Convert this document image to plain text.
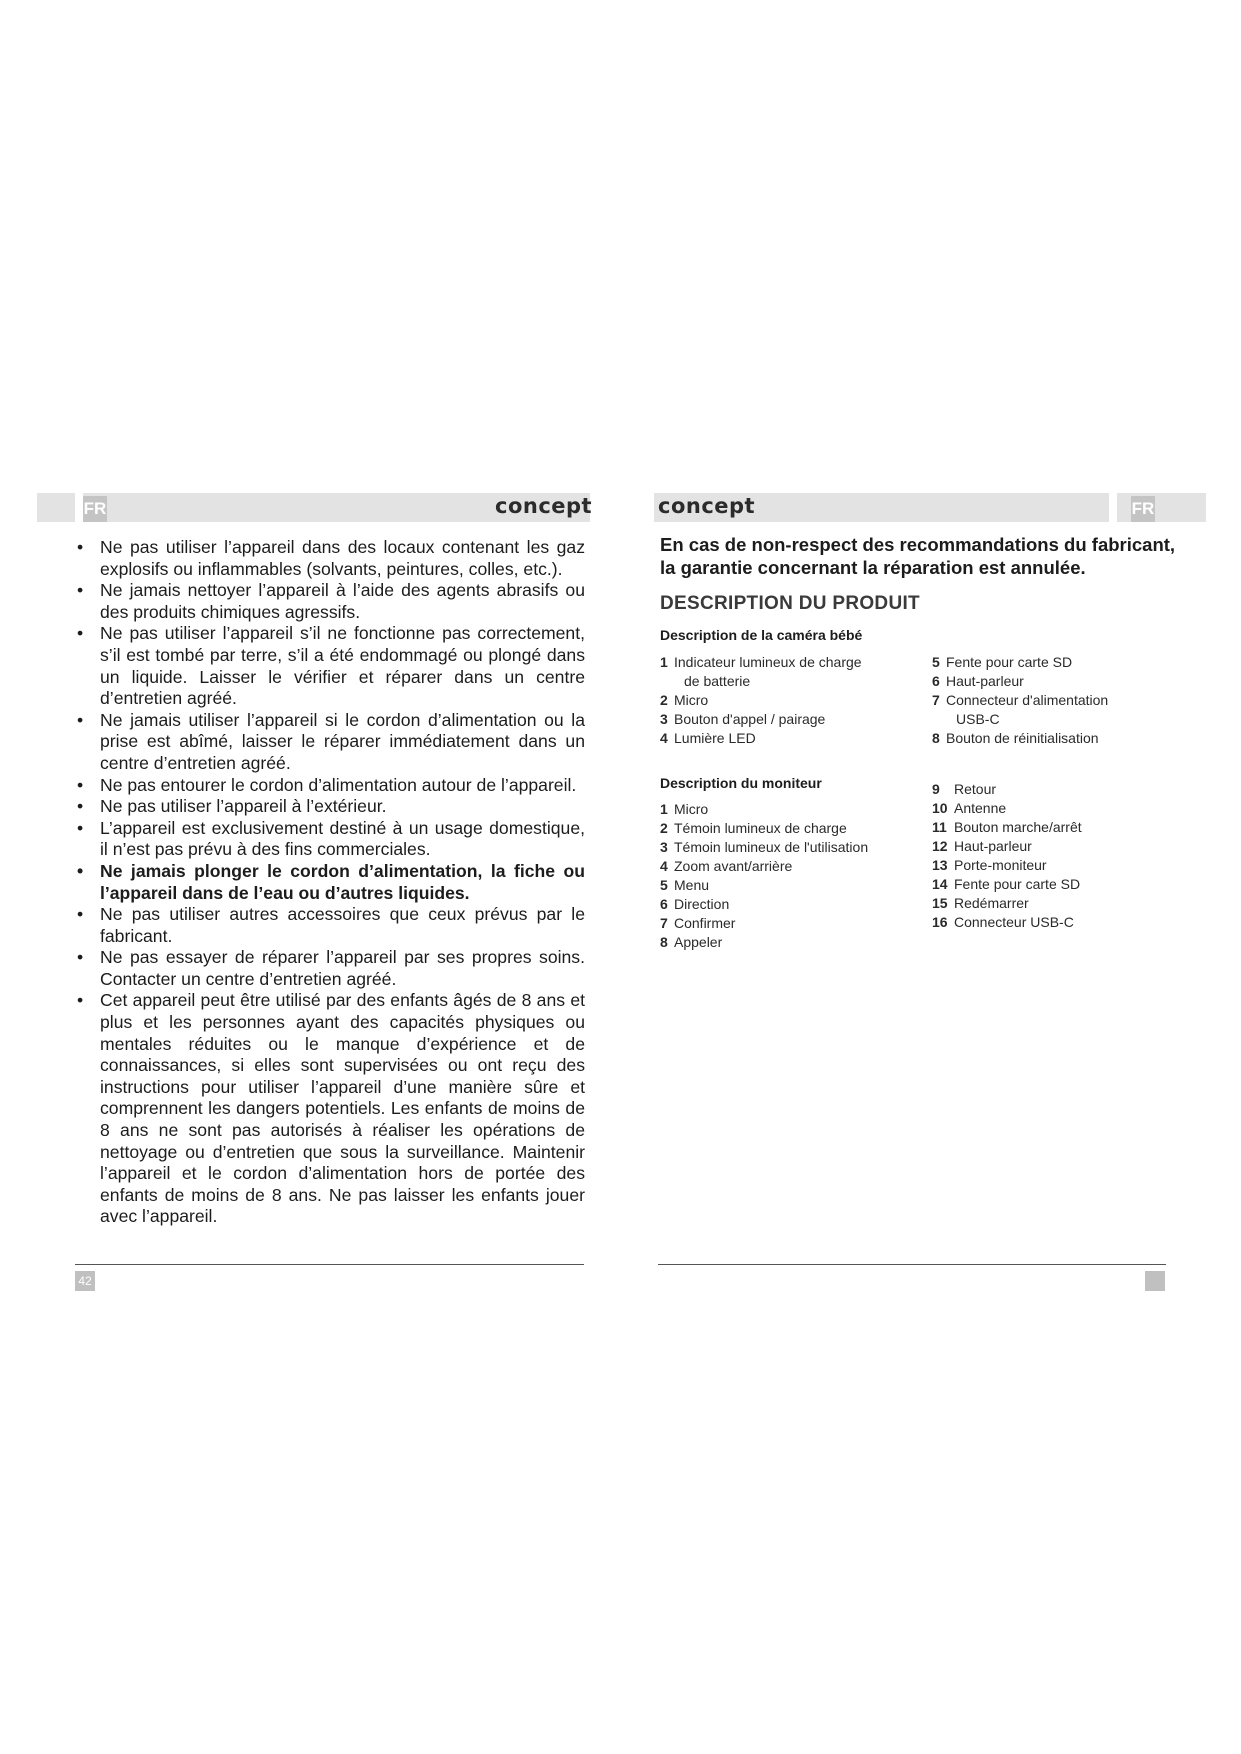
FR	FR
concept	concept
• Ne pas utiliser l’appareil dans des locaux contenant les gaz explosifs ou inflammables (solvants, peintures, colles, etc.).
• Ne jamais nettoyer l’appareil à l’aide des agents abrasifs ou des produits chimiques agressifs.
• Ne pas utiliser l’appareil s’il ne fonctionne pas correctement, s’il est tombé par terre, s’il a été endommagé ou plongé dans un liquide. Laisser le vérifier et réparer dans un centre d’entretien agréé.
• Ne jamais utiliser l’appareil si le cordon d’alimentation ou la prise est abîmé, laisser le réparer immédiatement dans un centre d’entretien agréé.
• Ne pas entourer le cordon d’alimentation autour de l’appareil.
• Ne pas utiliser l’appareil à l’extérieur.
• L’appareil est exclusivement destiné à un usage domestique, il n’est pas prévu à des fins commerciales.
• Ne jamais plonger le cordon d’alimentation, la fiche ou l’appareil dans de l’eau ou d’autres liquides.
• Ne pas utiliser autres accessoires que ceux prévus par le fabricant.
• Ne pas essayer de réparer l’appareil par ses propres soins. Contacter un centre d’entretien agréé.
• Cet appareil peut être utilisé par des enfants âgés de 8 ans et plus et les personnes ayant des capacités physiques ou mentales réduites ou le manque d’expérience et de connaissances, si elles sont supervisées ou ont reçu des instructions pour utiliser l’appareil d’une manière sûre et comprennent les dangers potentiels. Les enfants de moins de 8 ans ne sont pas autorisés à réaliser les opérations de nettoyage ou d’entretien que sous la surveillance. Maintenir l’appareil et le cordon d’alimentation hors de portée des enfants de moins de 8 ans. Ne pas laisser les enfants jouer avec l’appareil.

En cas de non-respect des recommandations du fabricant, la garantie concernant la réparation est annulée.

DESCRIPTION DU PRODUIT
Description de la caméra bébé
1 Indicateur lumineux de charge
de batterie
2 Micro
3 Bouton d'appel / pairage
4 Lumière LED
5 Fente pour carte SD
6 Haut-parleur
7 Connecteur d'alimentation
USB-C
8 Bouton de réinitialisation
Description du moniteur
1 Micro
2 Témoin lumineux de charge
3 Témoin lumineux de l'utilisation
4 Zoom avant/arrière
5 Menu
6 Direction
7 Confirmer
8 Appeler
9 Retour
10 Antenne
11 Bouton marche/arrêt
12 Haut-parleur
13 Porte-moniteur
14 Fente pour carte SD
15 Redémarrer
16 Connecteur USB-C
42
